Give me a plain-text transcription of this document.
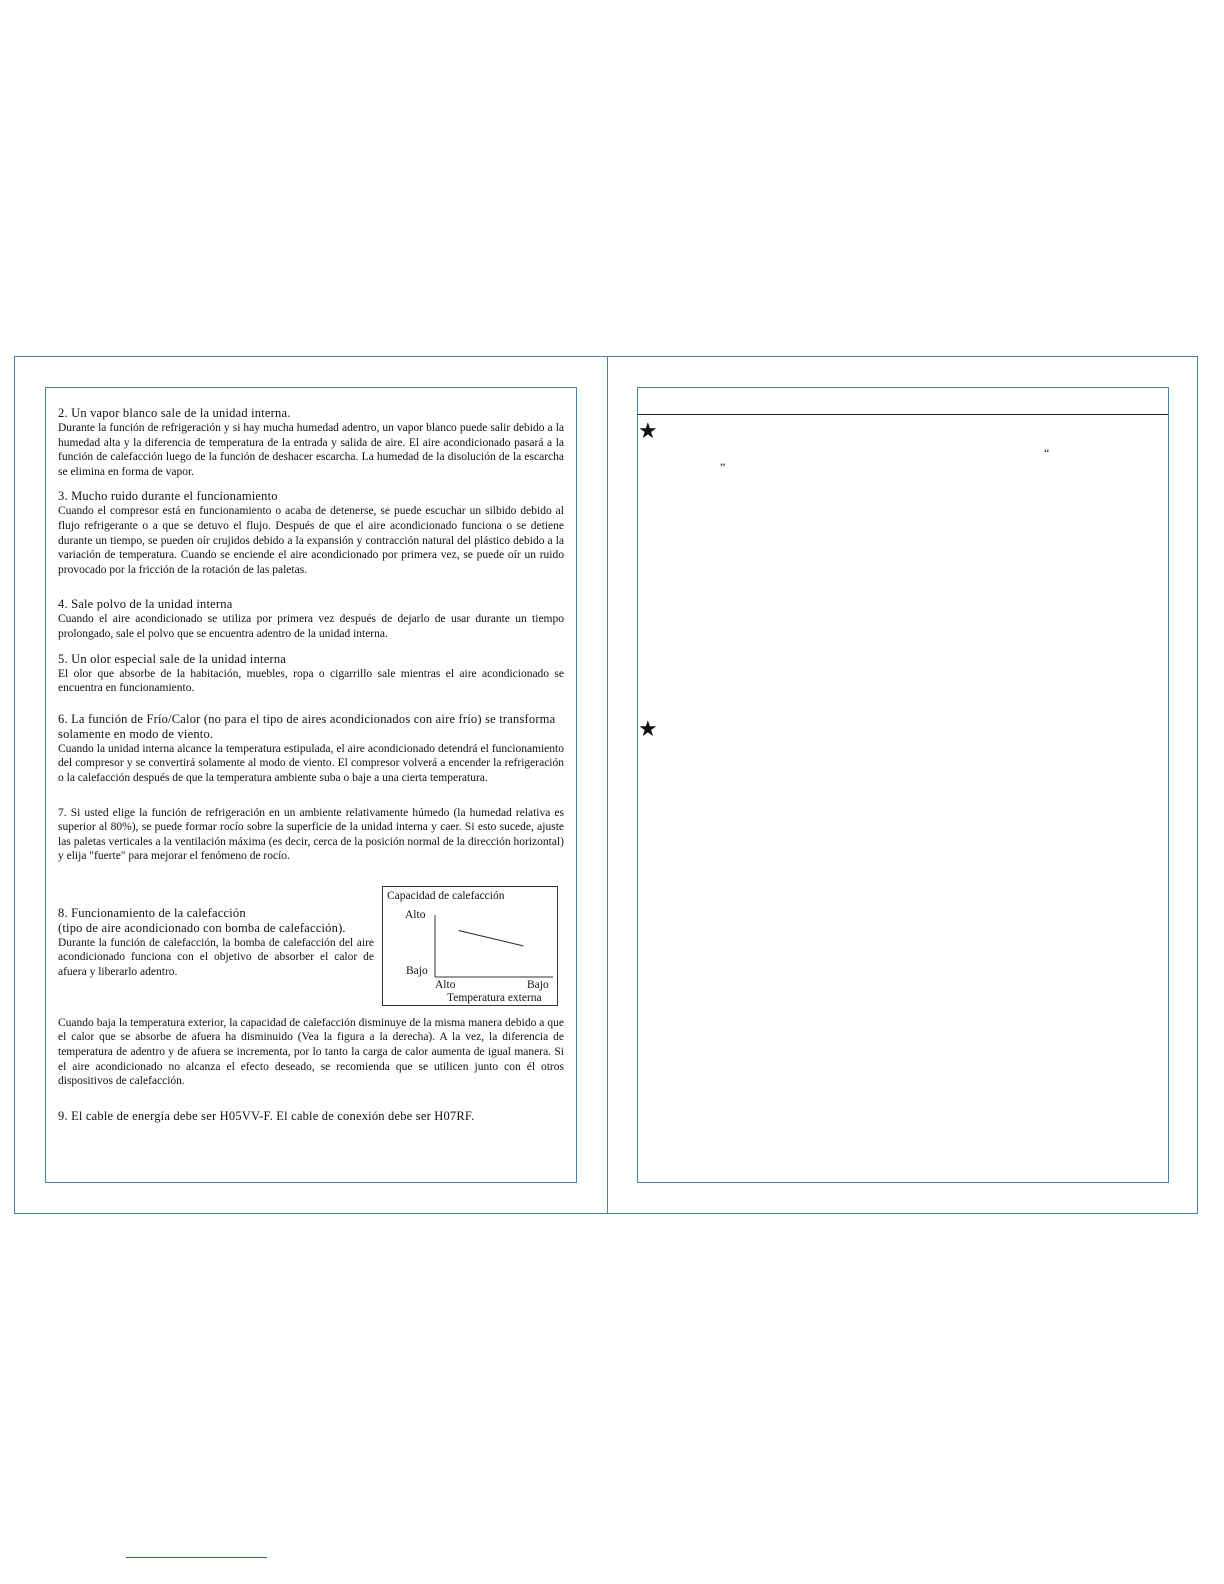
2. Un vapor blanco sale de la unidad interna.

Durante la función de refrigeración y si hay mucha humedad adentro, un vapor blanco puede salir debido a la humedad alta y la diferencia de temperatura de la entrada y salida de aire. El aire acondicionado pasará a la función de calefacción luego de la función de deshacer escarcha. La humedad de la disolución de la escarcha se elimina en forma de vapor.

3. Mucho ruido durante el funcionamiento

Cuando el compresor está en funcionamiento o acaba de detenerse, se puede escuchar un silbido debido al flujo refrigerante o a que se detuvo el flujo. Después de que el aire acondicionado funciona o se detiene durante un tiempo, se pueden oír crujidos debido a la expansión y contracción natural del plástico debido a la variación de temperatura. Cuando se enciende el aire acondicionado por primera vez, se puede oír un ruido provocado por la fricción de la rotación de las paletas.

4. Sale polvo de la unidad interna

Cuando el aire acondicionado se utiliza por primera vez después de dejarlo de usar durante un tiempo prolongado, sale el polvo que se encuentra adentro de la unidad interna.

5. Un olor especial sale de la unidad interna

El olor que absorbe de la habitación, muebles, ropa o cigarrillo sale mientras el aire acondicionado se encuentra en funcionamiento.

6. La función de Frío/Calor (no para el tipo de aires acondicionados con aire frío) se transforma solamente en modo de viento.

Cuando la unidad interna alcance la temperatura estipulada, el aire acondicionado detendrá el funcionamiento del compresor y se convertirá solamente al modo de viento. El compresor volverá a encender la refrigeración o la calefacción después de que la temperatura ambiente suba o baje a una cierta temperatura.

7. Si usted elige la función de refrigeración en un ambiente relativamente húmedo (la humedad relativa es superior al 80%), se puede formar rocío sobre la superficie de la unidad interna y caer. Si esto sucede, ajuste las paletas verticales a la ventilación máxima (es decir, cerca de la posición normal de la dirección horizontal) y elija "fuerte" para mejorar el fenómeno de rocío.

8. Funcionamiento de la calefacción
(tipo de aire acondicionado con bomba de calefacción).

Durante la función de calefacción, la bomba de calefacción del aire acondicionado funciona con el objetivo de absorber el calor de afuera y liberarlo adentro.

Capacidad de calefacción
Alto
Bajo
Alto	Bajo
Temperatura externa

Cuando baja la temperatura exterior, la capacidad de calefacción disminuye de la misma manera debido a que el calor que se absorbe de afuera ha disminuido (Vea la figura a la derecha). A la vez, la diferencia de temperatura de adentro y de afuera se incrementa, por lo tanto la carga de calor aumenta de igual manera. Si el aire acondicionado no alcanza el efecto deseado, se recomienda que se utilicen junto con él otros dispositivos de calefacción.

9. El cable de energía debe ser H05VV-F. El cable de conexión debe ser H07RF.
★
“
”
★
